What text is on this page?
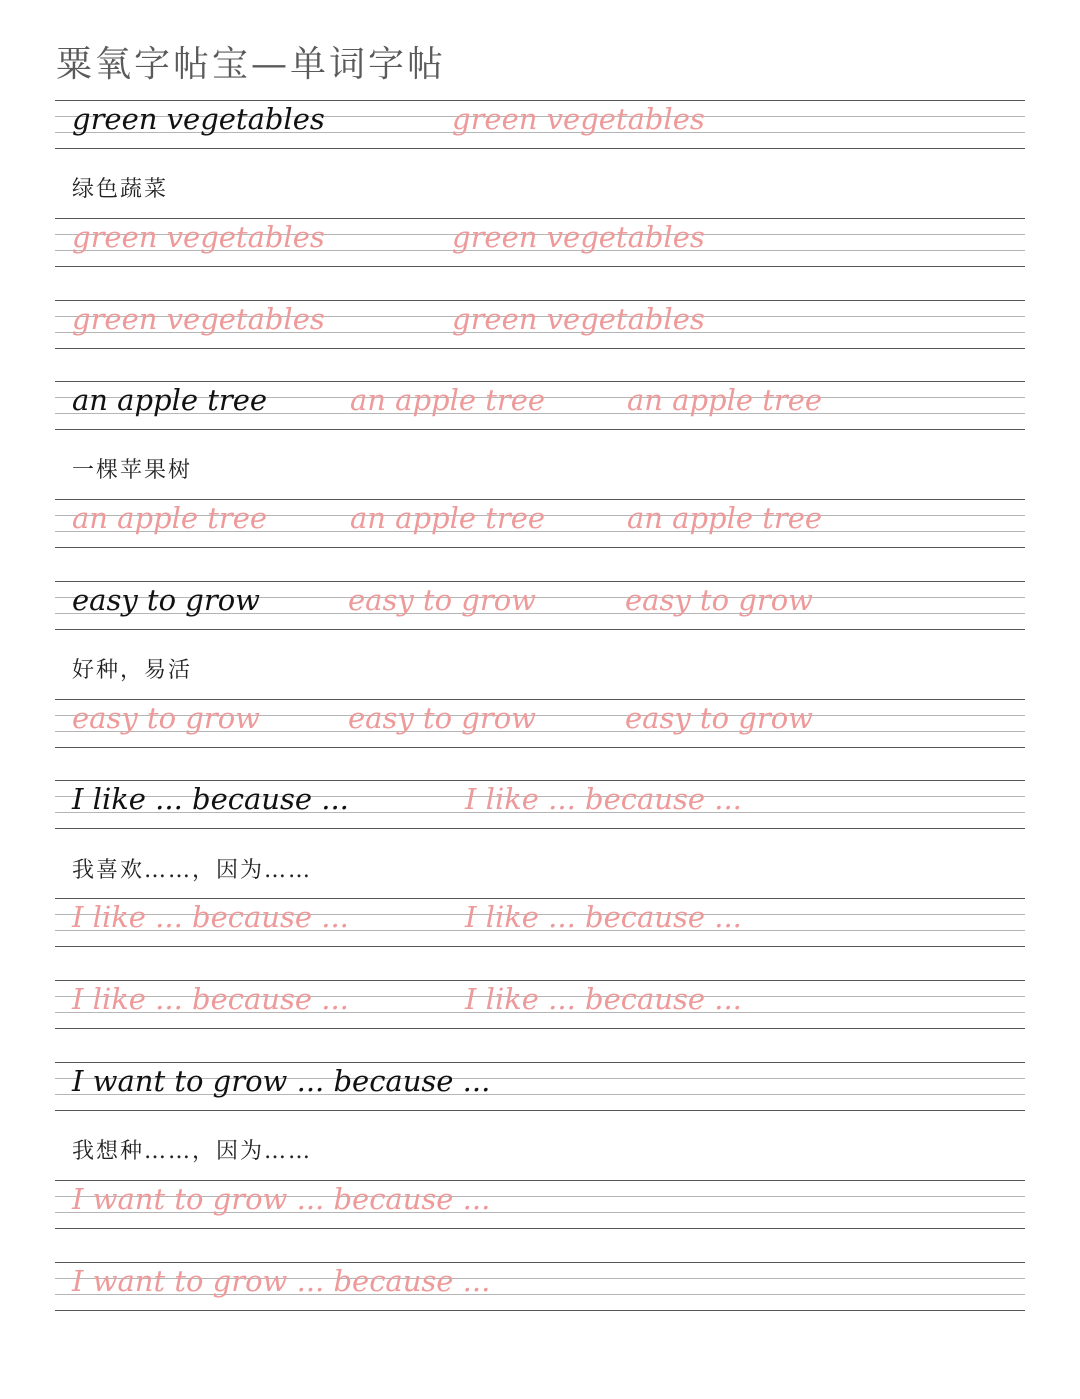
粟氧字帖宝—单词字帖
green vegetables	green vegetables
绿色蔬菜
green vegetables	green vegetables
green vegetables	green vegetables
an apple tree	an apple tree	an apple tree
一棵苹果树
an apple tree	an apple tree	an apple tree
easy to grow	easy to grow	easy to grow
好种，易活
easy to grow	easy to grow	easy to grow
I like ... because ...	I like ... because ...
我喜欢……，因为……
I like ... because ...	I like ... because ...
I like ... because ...	I like ... because ...
I want to grow ... because ...
我想种……，因为……
I want to grow ... because ...
I want to grow ... because ...
